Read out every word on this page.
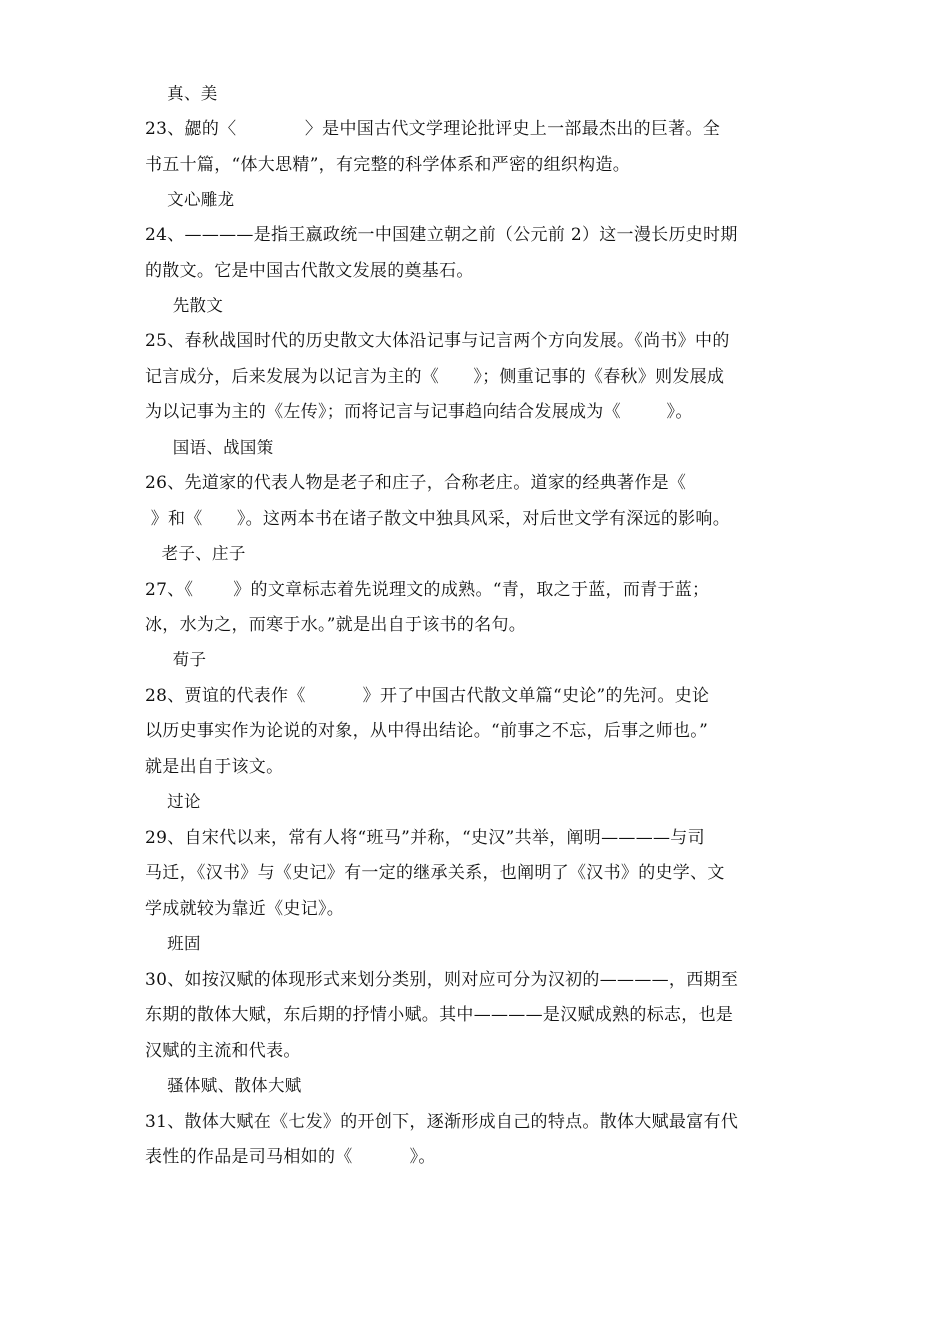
真、美
23、勰的〈            〉是中国古代文学理论批评史上一部最杰出的巨著。全
书五十篇，“体大思精”，有完整的科学体系和严密的组织构造。
文心雕龙
24、————是指王嬴政统一中国建立朝之前（公元前 2）这一漫长历史时期
的散文。它是中国古代散文发展的奠基石。
先散文
25、春秋战国时代的历史散文大体沿记事与记言两个方向发展。《尚书》中的
记言成分，后来发展为以记言为主的《      》；侧重记事的《春秋》则发展成
为以记事为主的《左传》；而将记言与记事趋向结合发展成为《        》。
国语、战国策
26、先道家的代表人物是老子和庄子，合称老庄。道家的经典著作是《
》和《      》。这两本书在诸子散文中独具风采，对后世文学有深远的影响。
老子、庄子
27、《       》的文章标志着先说理文的成熟。“青，取之于蓝，而青于蓝；
冰，水为之，而寒于水。”就是出自于该书的名句。
荀子
28、贾谊的代表作《          》开了中国古代散文单篇“史论”的先河。史论
以历史事实作为论说的对象，从中得出结论。“前事之不忘，后事之师也。”
就是出自于该文。
过论
29、自宋代以来，常有人将“班马”并称，“史汉”共举，阐明————与司
马迁，《汉书》与《史记》有一定的继承关系，也阐明了《汉书》的史学、文
学成就较为靠近《史记》。
班固
30、如按汉赋的体现形式来划分类别，则对应可分为汉初的————，西期至
东期的散体大赋，东后期的抒情小赋。其中————是汉赋成熟的标志，也是
汉赋的主流和代表。
骚体赋、散体大赋
31、散体大赋在《七发》的开创下，逐渐形成自己的特点。散体大赋最富有代
表性的作品是司马相如的《          》。
